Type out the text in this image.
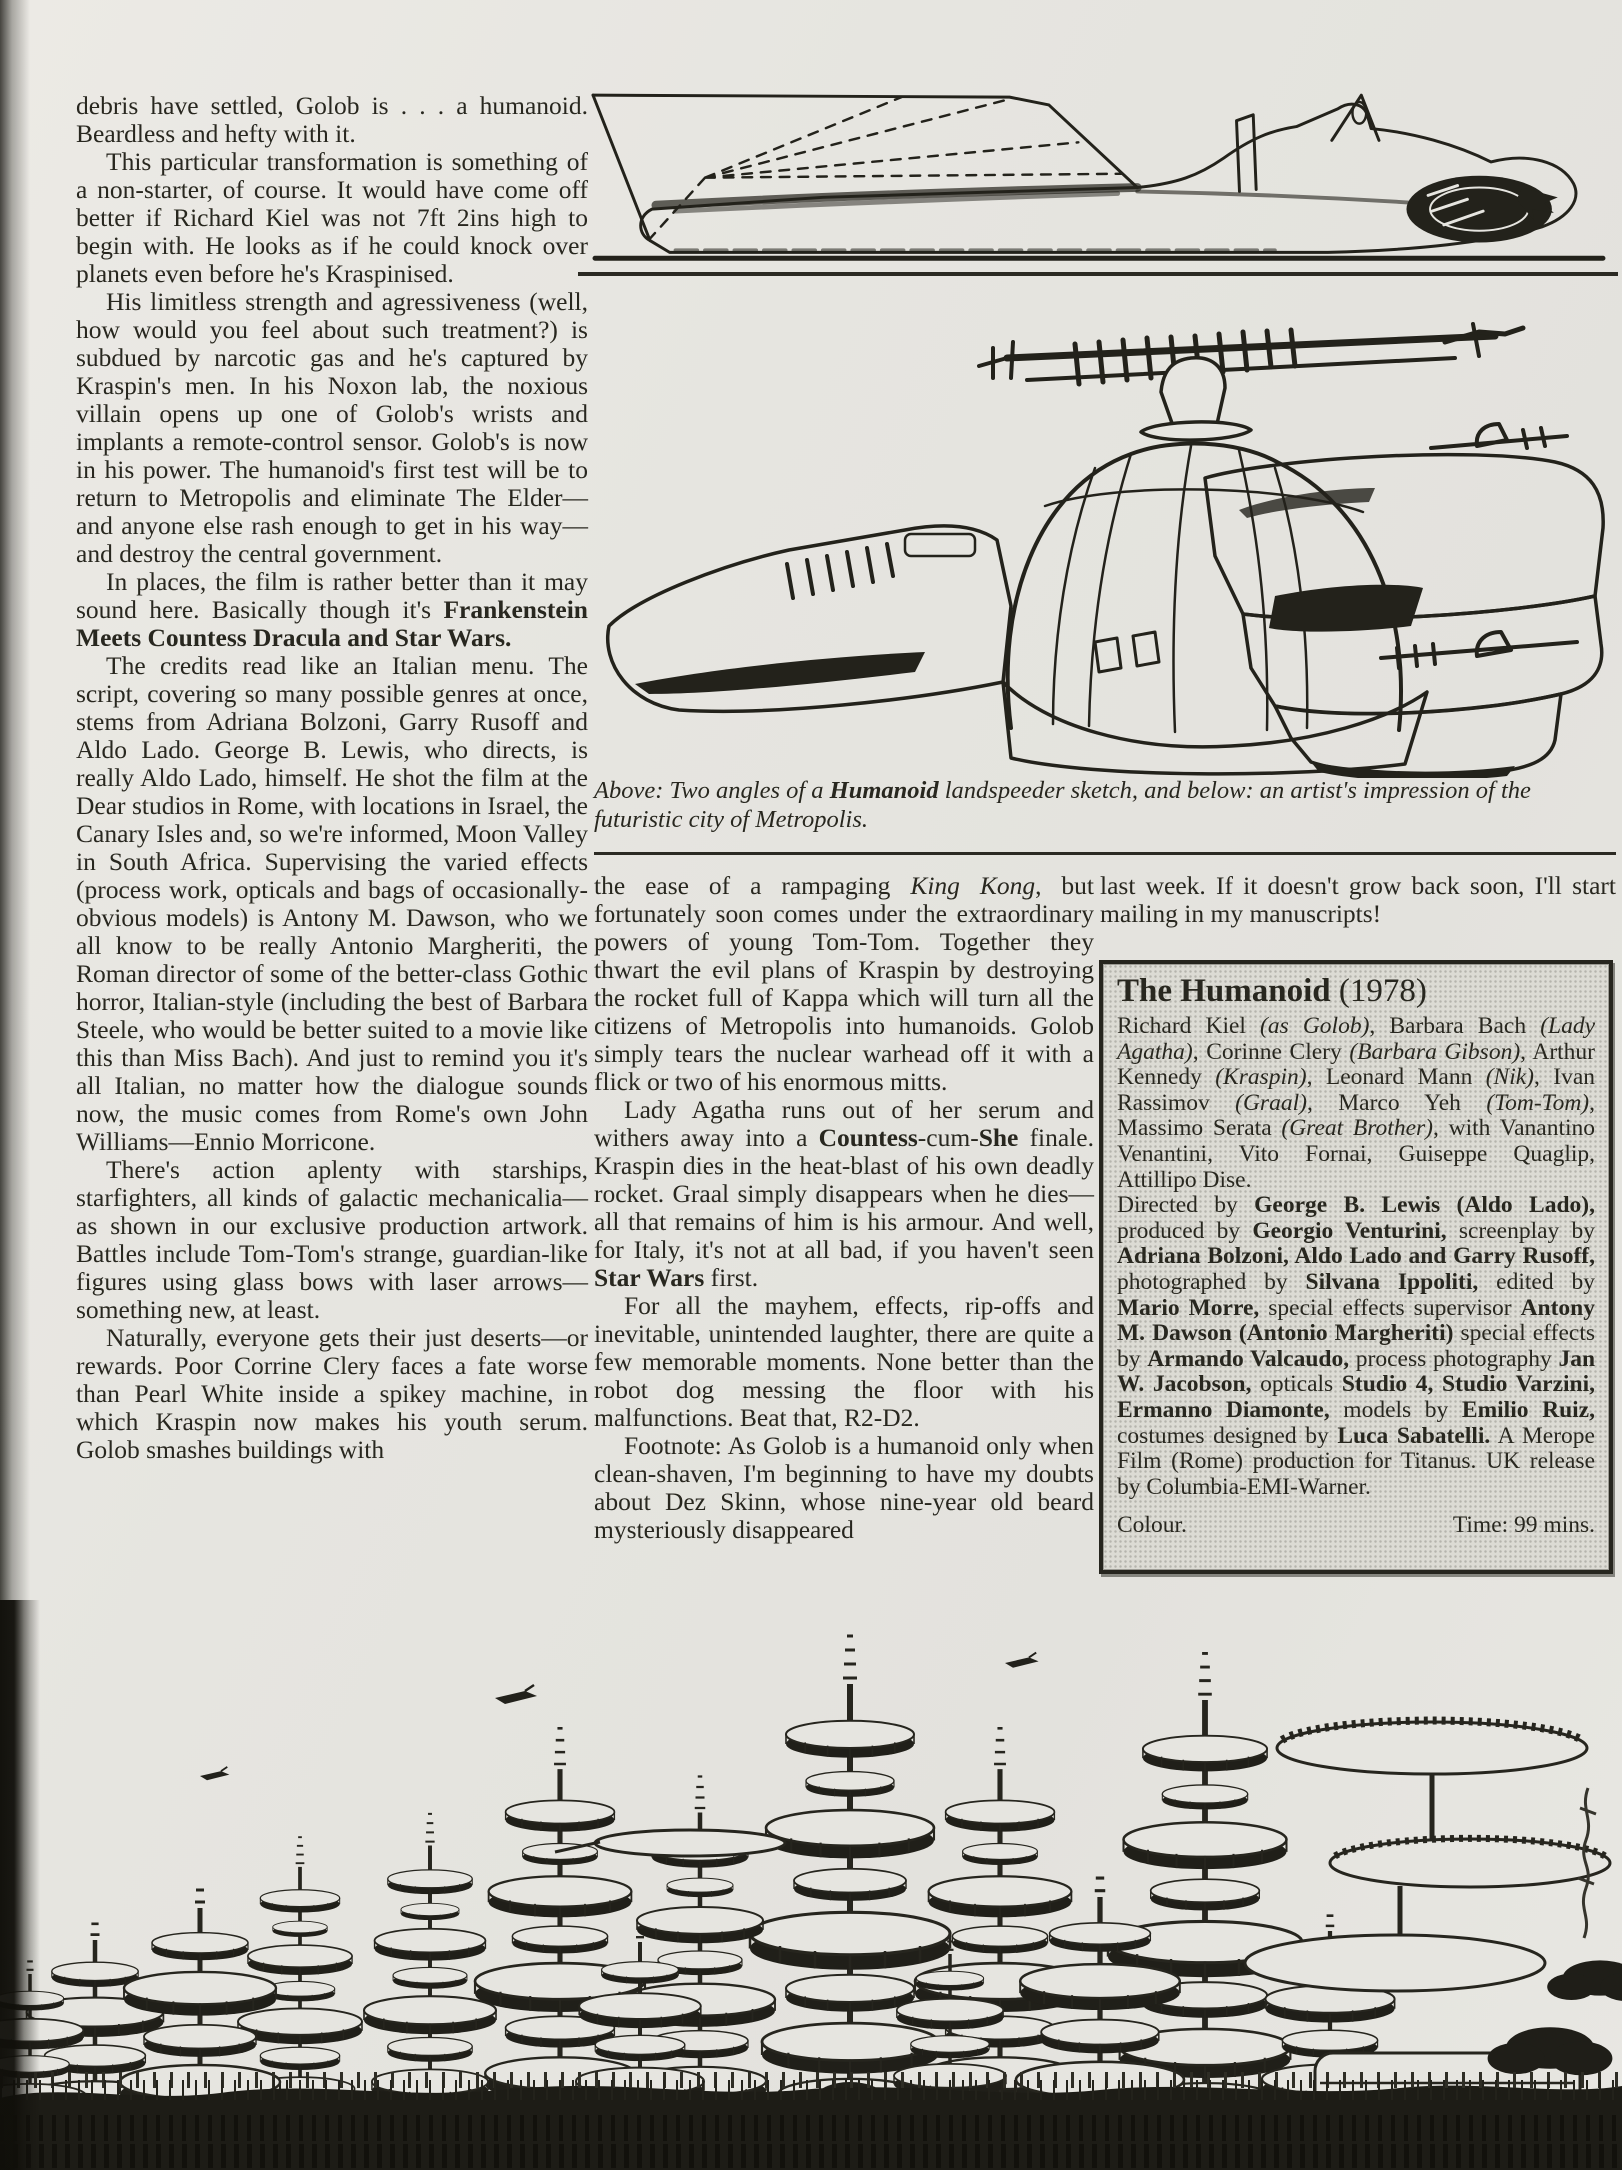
Above: Two angles of a Humanoid landspeeder sketch, and below: an artist's impression of the futuristic city of Metropolis.

debris have settled, Golob is . . . a humanoid. Beardless and hefty with it.

This particular transformation is something of a non-starter, of course. It would have come off better if Richard Kiel was not 7ft 2ins high to begin with. He looks as if he could knock over planets even before he's Kraspinised.

His limitless strength and agressiveness (well, how would you feel about such treatment?) is subdued by narcotic gas and he's captured by Kraspin's men. In his Noxon lab, the noxious villain opens up one of Golob's wrists and implants a remote-control sensor. Golob's is now in his power. The humanoid's first test will be to return to Metropolis and eliminate The Elder—and anyone else rash enough to get in his way—and destroy the central government.

In places, the film is rather better than it may sound here. Basically though it's Frankenstein Meets Countess Dracula and Star Wars.

The credits read like an Italian menu. The script, covering so many possible genres at once, stems from Adriana Bolzoni, Garry Rusoff and Aldo Lado. George B. Lewis, who directs, is really Aldo Lado, himself. He shot the film at the Dear studios in Rome, with locations in Israel, the Canary Isles and, so we're informed, Moon Valley in South Africa. Supervising the varied effects (process work, opticals and bags of occasionally-obvious models) is Antony M. Dawson, who we all know to be really Antonio Margheriti, the Roman director of some of the better-class Gothic horror, Italian-style (including the best of Barbara Steele, who would be better suited to a movie like this than Miss Bach). And just to remind you it's all Italian, no matter how the dialogue sounds now, the music comes from Rome's own John Williams—Ennio Morricone.

There's action aplenty with starships, starfighters, all kinds of galactic mechanicalia—as shown in our exclusive production artwork. Battles include Tom-Tom's strange, guardian-like figures using glass bows with laser arrows—something new, at least.

Naturally, everyone gets their just deserts—or rewards. Poor Corrine Clery faces a fate worse than Pearl White inside a spikey machine, in which Kraspin now makes his youth serum. Golob smashes buildings with

the ease of a rampaging King Kong, but fortunately soon comes under the extraordinary powers of young Tom-Tom. Together they thwart the evil plans of Kraspin by destroying the rocket full of Kappa which will turn all the citizens of Metropolis into humanoids. Golob simply tears the nuclear warhead off it with a flick or two of his enormous mitts.

Lady Agatha runs out of her serum and withers away into a Countess-cum-She finale. Kraspin dies in the heat-blast of his own deadly rocket. Graal simply disappears when he dies—all that remains of him is his armour. And well, for Italy, it's not at all bad, if you haven't seen Star Wars first.

For all the mayhem, effects, rip-offs and inevitable, unintended laughter, there are quite a few memorable moments. None better than the robot dog messing the floor with his malfunctions. Beat that, R2-D2.

Footnote: As Golob is a humanoid only when clean-shaven, I'm beginning to have my doubts about Dez Skinn, whose nine-year old beard mysteriously disappeared

last week. If it doesn't grow back soon, I'll start mailing in my manuscripts!

The Humanoid (1978)

Richard Kiel (as Golob), Barbara Bach (Lady Agatha), Corinne Clery (Barbara Gibson), Arthur Kennedy (Kraspin), Leonard Mann (Nik), Ivan Rassimov (Graal), Marco Yeh (Tom-Tom), Massimo Serata (Great Brother), with Vanantino Venantini, Vito Fornai, Guiseppe Quaglip, Attillipo Dise.

Directed by George B. Lewis (Aldo Lado), produced by Georgio Venturini, screenplay by Adriana Bolzoni, Aldo Lado and Garry Rusoff, photographed by Silvana Ippoliti, edited by Mario Morre, special effects supervisor Antony M. Dawson (Antonio Margheriti) special effects by Armando Valcaudo, process photography Jan W. Jacobson, opticals Studio 4, Studio Varzini, Ermanno Diamonte, models by Emilio Ruiz, costumes designed by Luca Sabatelli. A Merope Film (Rome) production for Titanus. UK release by Columbia-EMI-Warner.

Colour.	Time: 99 mins.
